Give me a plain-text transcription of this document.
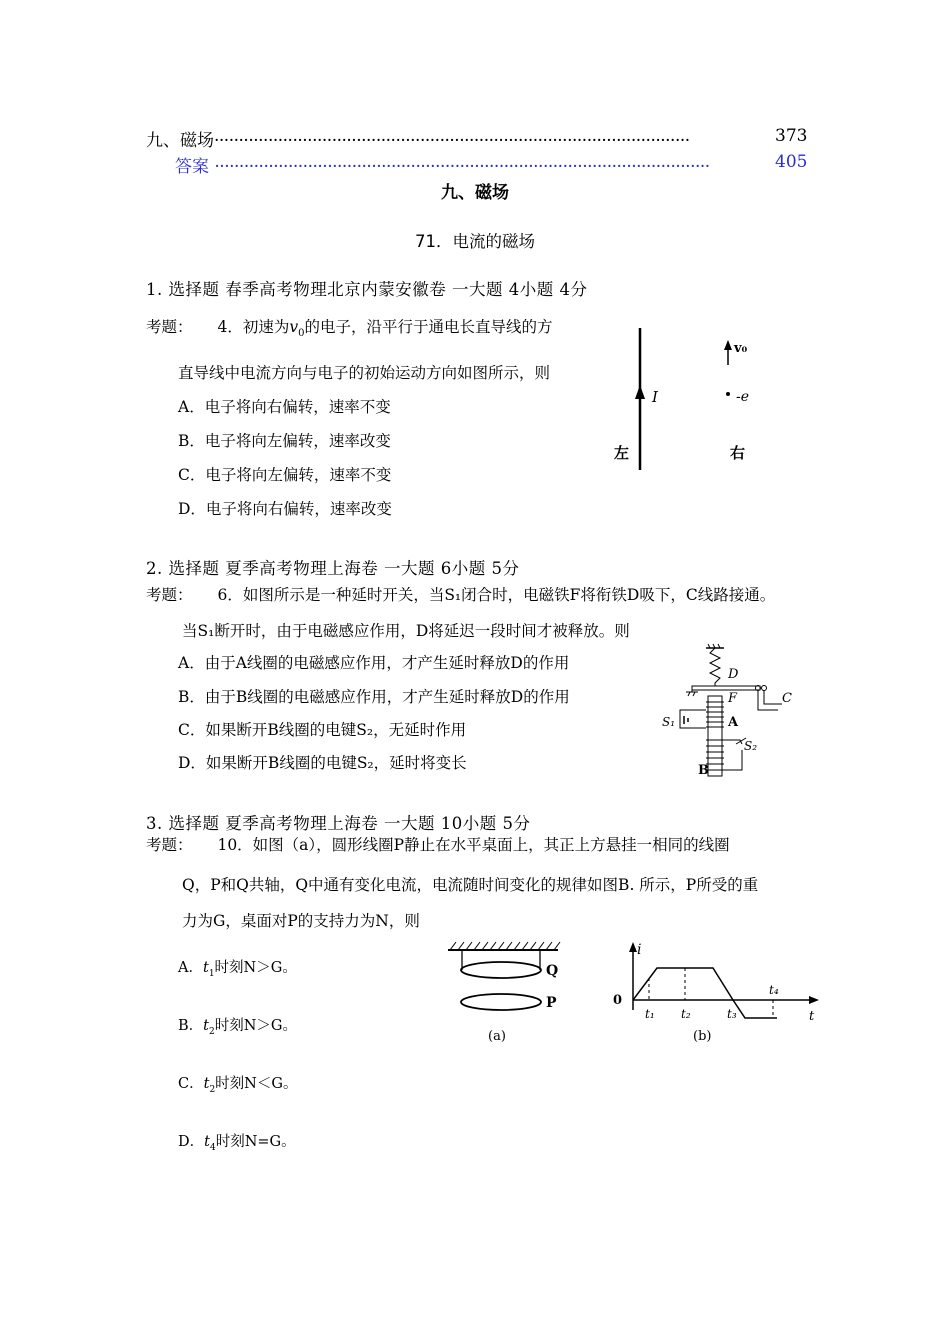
九、磁场·································································································	373
答案 ·····································································································	405
九、磁场
71．电流的磁场
1. 选择题 春季高考物理北京内蒙安徽卷 一大题 4小题 4分
考题： 4．初速为$v_0$的电子，沿平行于通电长直导线的方
直导线中电流方向与电子的初始运动方向如图所示，则
A．电子将向右偏转，速率不变
B．电子将向左偏转，速率改变
C．电子将向左偏转，速率不变
D．电子将向右偏转，速率改变
I
v₀
-e
左	右
2. 选择题 夏季高考物理上海卷 一大题 6小题 5分
考题： 6．如图所示是一种延时开关，当S₁闭合时，电磁铁F将衔铁D吸下，C线路接通。
当S₁断开时，由于电磁感应作用，D将延迟一段时间才被释放。则
A．由于A线圈的电磁感应作用，才产生延时释放D的作用
B．由于B线圈的电磁感应作用，才产生延时释放D的作用
C．如果断开B线圈的电键S₂，无延时作用
D．如果断开B线圈的电键S₂，延时将变长
D
C
F
A
S₁
S₂
B
3. 选择题 夏季高考物理上海卷 一大题 10小题 5分
考题： 10．如图（a），圆形线圈P静止在水平桌面上，其正上方悬挂一相同的线圈
Q，P和Q共轴，Q中通有变化电流，电流随时间变化的规律如图B. 所示，P所受的重
力为G，桌面对P的支持力为N，则
A．$t_1$时刻N＞G。
B．$t_2$时刻N＞G。
C．$t_2$时刻N＜G。
D．$t_4$时刻N=G。
Q
P
(a)
i
0
t
t₁ t₂	t₃
t₄
(b)
